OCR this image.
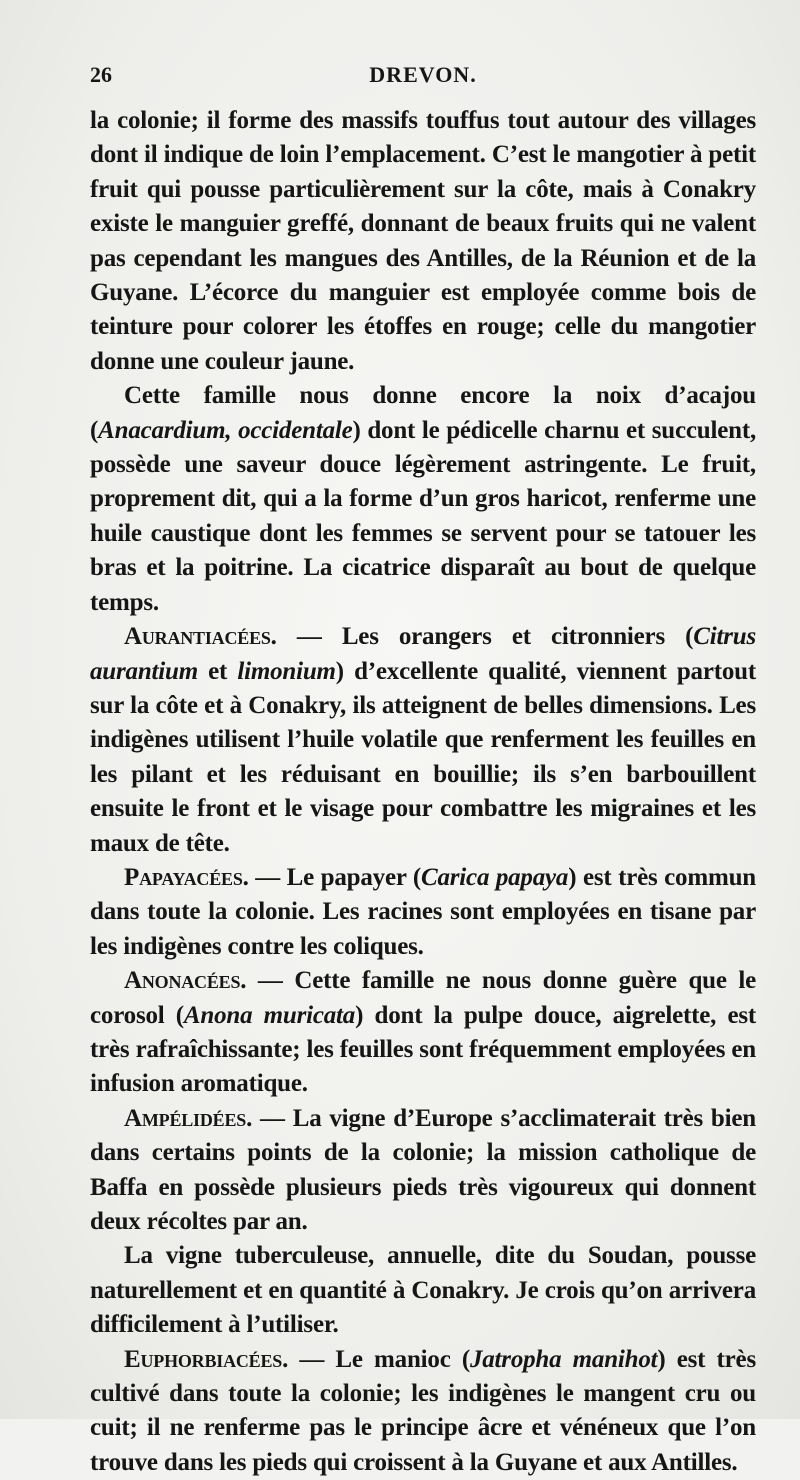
26	DREVON.

la colonie; il forme des massifs touffus tout autour des villages dont il indique de loin l’emplacement. C’est le mangotier à petit fruit qui pousse particulièrement sur la côte, mais à Conakry existe le manguier greffé, donnant de beaux fruits qui ne valent pas cependant les mangues des Antilles, de la Réunion et de la Guyane. L’écorce du manguier est employée comme bois de teinture pour colorer les étoffes en rouge; celle du mangotier donne une couleur jaune.

Cette famille nous donne encore la noix d’acajou (Anacardium, occidentale) dont le pédicelle charnu et succulent, possède une saveur douce légèrement astringente. Le fruit, proprement dit, qui a la forme d’un gros haricot, renferme une huile caustique dont les femmes se servent pour se tatouer les bras et la poitrine. La cicatrice disparaît au bout de quelque temps.

Aurantiacées. — Les orangers et citronniers (Citrus aurantium et limonium) d’excellente qualité, viennent partout sur la côte et à Conakry, ils atteignent de belles dimensions. Les indigènes utilisent l’huile volatile que renferment les feuilles en les pilant et les réduisant en bouillie; ils s’en barbouillent ensuite le front et le visage pour combattre les migraines et les maux de tête.

Papayacées. — Le papayer (Carica papaya) est très commun dans toute la colonie. Les racines sont employées en tisane par les indigènes contre les coliques.

Anonacées. — Cette famille ne nous donne guère que le corosol (Anona muricata) dont la pulpe douce, aigrelette, est très rafraîchissante; les feuilles sont fréquemment employées en infusion aromatique.

Ampélidées. — La vigne d’Europe s’acclimaterait très bien dans certains points de la colonie; la mission catholique de Baffa en possède plusieurs pieds très vigoureux qui donnent deux récoltes par an.

La vigne tuberculeuse, annuelle, dite du Soudan, pousse naturellement et en quantité à Conakry. Je crois qu’on arrivera difficilement à l’utiliser.

Euphorbiacées. — Le manioc (Jatropha manihot) est très cultivé dans toute la colonie; les indigènes le mangent cru ou cuit; il ne renferme pas le principe âcre et vénéneux que l’on trouve dans les pieds qui croissent à la Guyane et aux Antilles.
